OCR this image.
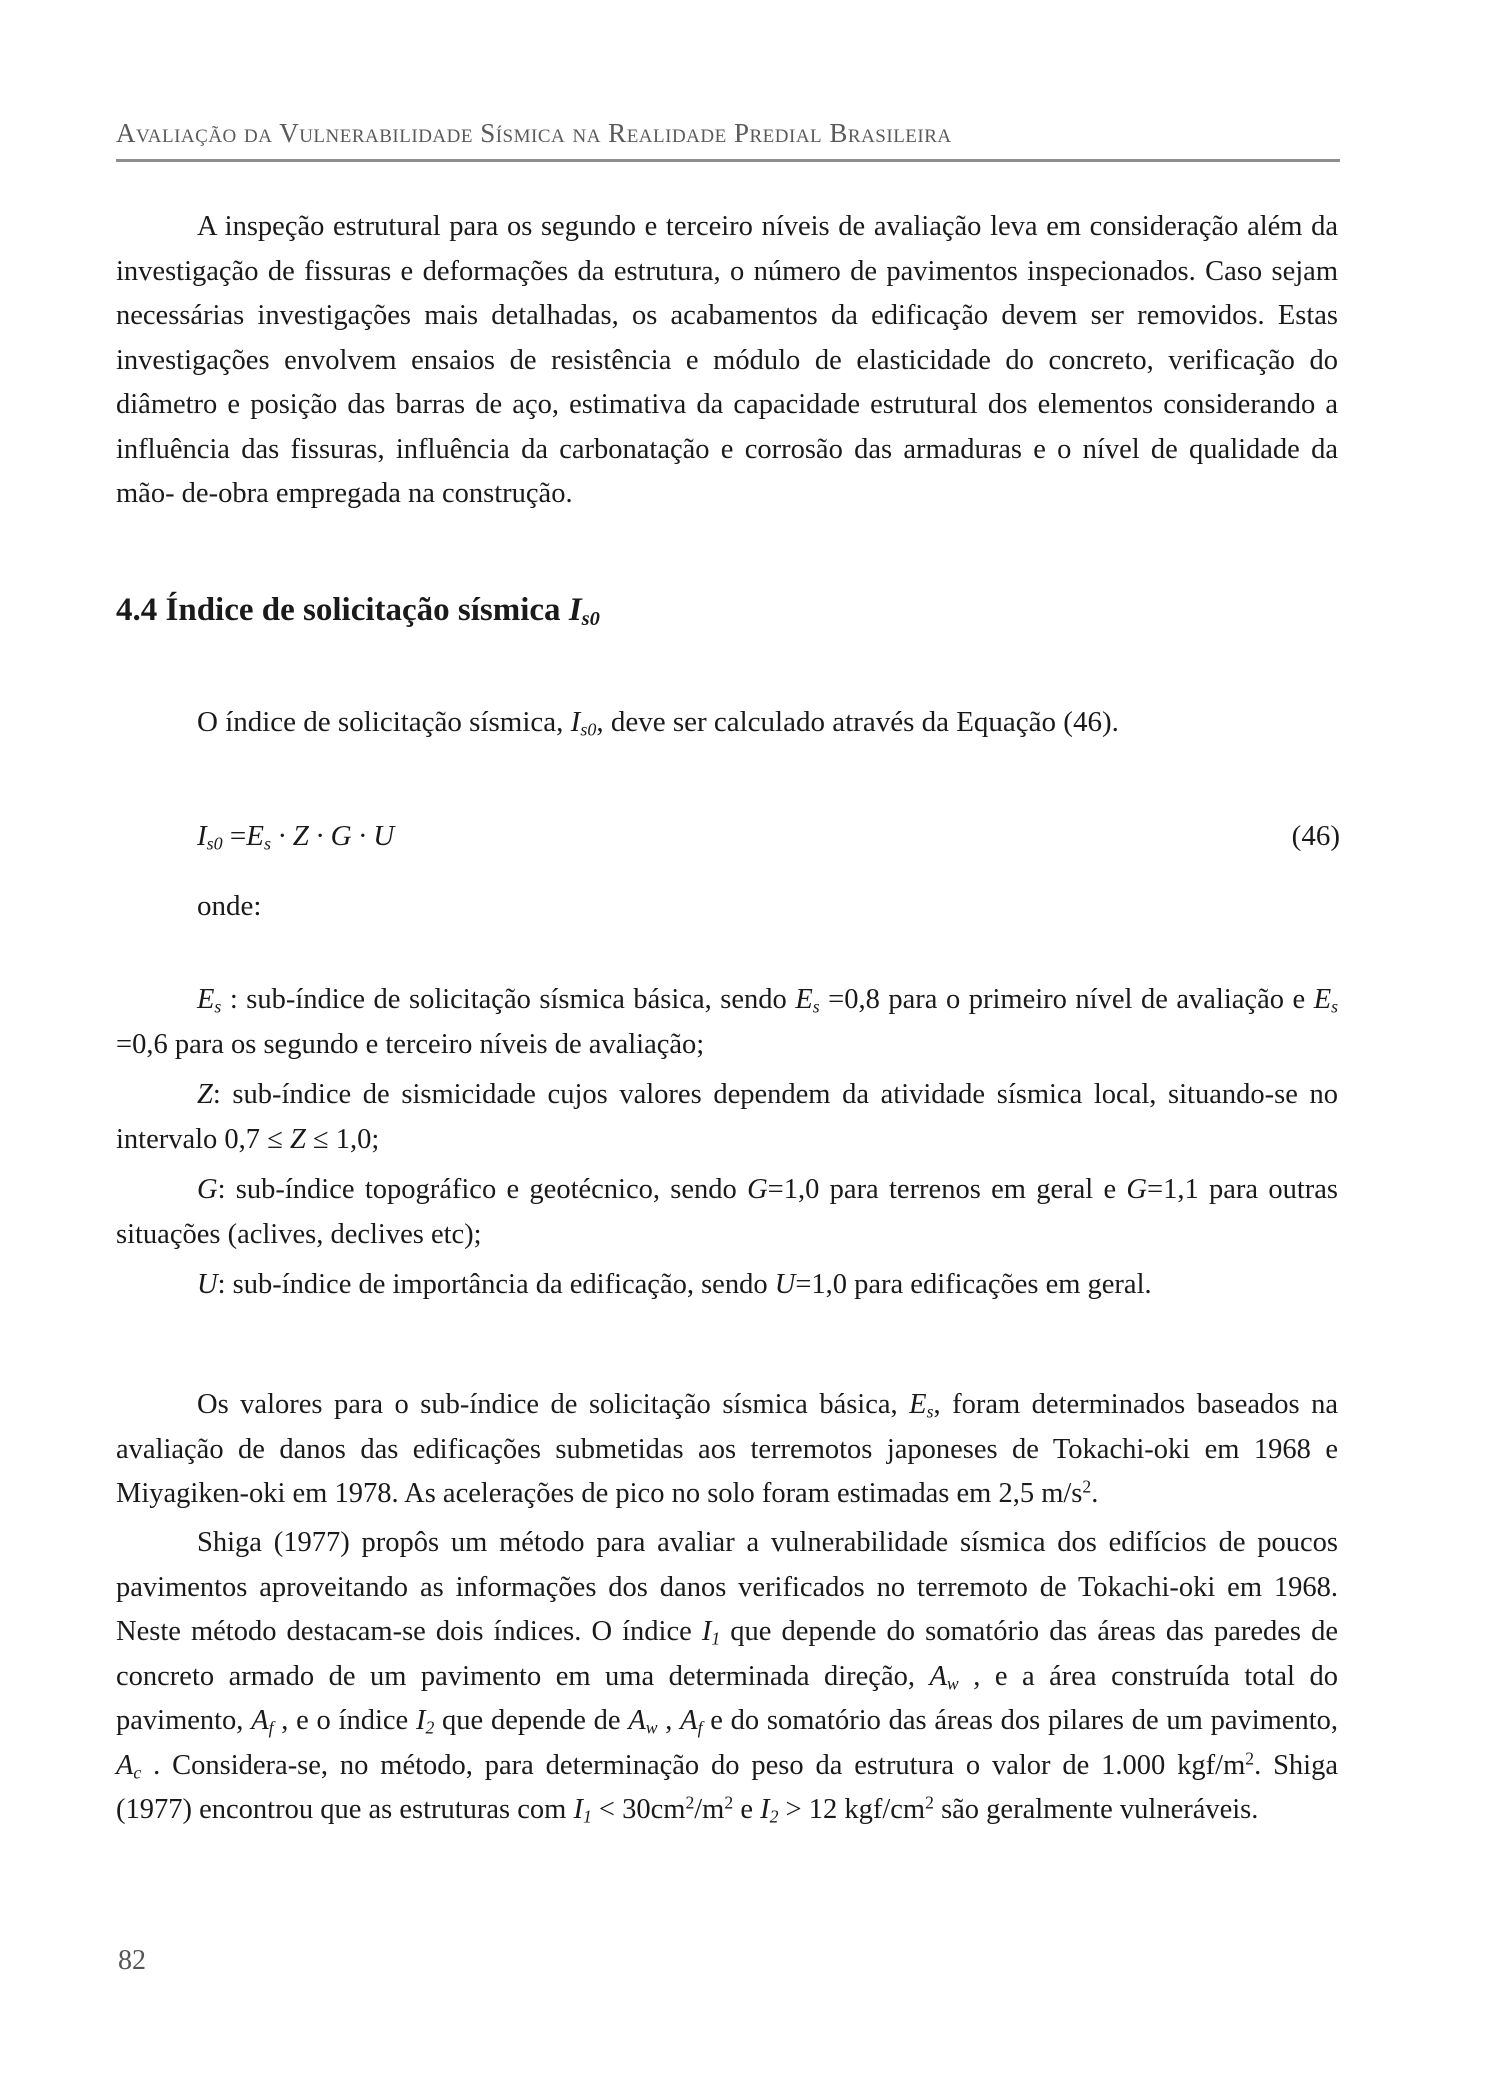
Avaliação da Vulnerabilidade Sísmica na Realidade Predial Brasileira

A inspeção estrutural para os segundo e terceiro níveis de avaliação leva em consideração além da investigação de fissuras e deformações da estrutura, o número de pavimentos inspecionados. Caso sejam necessárias investigações mais detalhadas, os acabamentos da edificação devem ser removidos. Estas investigações envolvem ensaios de resistência e módulo de elasticidade do concreto, verificação do diâmetro e posição das barras de aço, estimativa da capacidade estrutural dos elementos considerando a influência das fissuras, influência da carbonatação e corrosão das armaduras e o nível de qualidade da mão- de-obra empregada na construção.

4.4 Índice de solicitação sísmica $I_{s0}$
O índice de solicitação sísmica, $I_{s0}$, deve ser calculado através da Equação (46).
$I_{s0} =E_s \cdot Z \cdot G \cdot U$	(46)
onde:

$E_s$ : sub-índice de solicitação sísmica básica, sendo $E_s =0,8$ para o primeiro nível de avaliação e $E_s =0,6$ para os segundo e terceiro níveis de avaliação;

Z: sub-índice de sismicidade cujos valores dependem da atividade sísmica local, situando-se no intervalo 0,7 ≤ Z ≤ 1,0;

G: sub-índice topográfico e geotécnico, sendo G=1,0 para terrenos em geral e G=1,1 para outras situações (aclives, declives etc);

U: sub-índice de importância da edificação, sendo U=1,0 para edificações em geral.

Os valores para o sub-índice de solicitação sísmica básica, $E_s$, foram determinados baseados na avaliação de danos das edificações submetidas aos terremotos japoneses de Tokachi-oki em 1968 e Miyagiken-oki em 1978. As acelerações de pico no solo foram estimadas em 2,5 $m/s^2$.

Shiga (1977) propôs um método para avaliar a vulnerabilidade sísmica dos edifícios de poucos pavimentos aproveitando as informações dos danos verificados no terremoto de Tokachi-oki em 1968. Neste método destacam-se dois índices. O índice $I_1$ que depende do somatório das áreas das paredes de concreto armado de um pavimento em uma determinada direção, $A_w$ , e a área construída total do pavimento, $A_f$ , e o índice $I_2$ que depende de $A_w$ , $A_f$ e do somatório das áreas dos pilares de um pavimento, $A_c$ . Considera-se, no método, para determinação do peso da estrutura o valor de 1.000 kgf/$m^2$. Shiga (1977) encontrou que as estruturas com $I_1 < 30cm^2/m^2$ e $I_2 > 12$ kgf/$cm^2$ são geralmente vulneráveis.

82
